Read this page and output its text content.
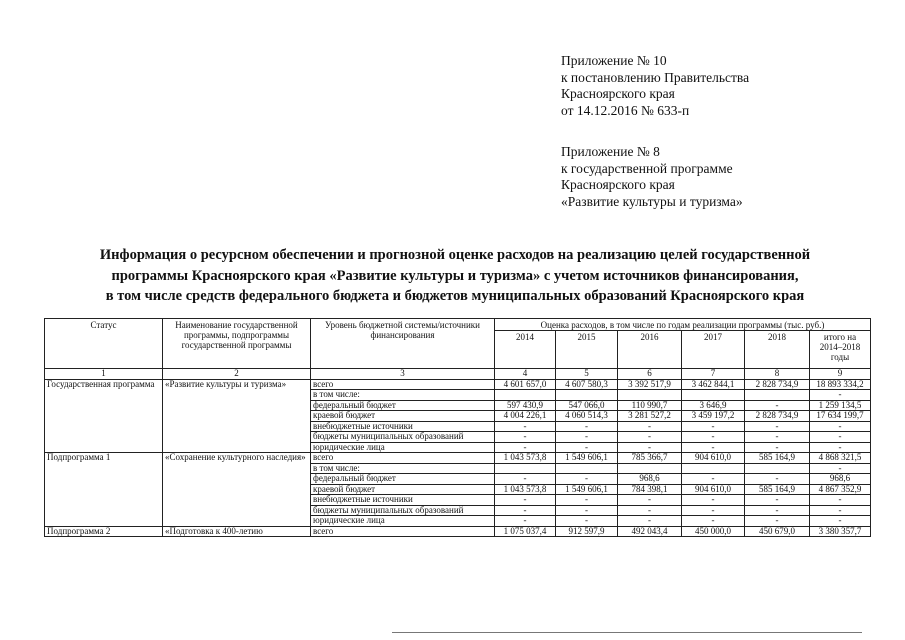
Приложение № 10
к постановлению Правительства
Красноярского края
от 14.12.2016 № 633-п
Приложение № 8
к государственной программе
Красноярского края
«Развитие культуры и туризма»
Информация о ресурсном обеспечении и прогнозной оценке расходов на реализацию целей государственной
программы Красноярского края «Развитие культуры и туризма» с учетом источников финансирования,
в том числе средств федерального бюджета и бюджетов муниципальных образований Красноярского края
Статус	Наименование государственной программы, подпрограммы государственной программы	Уровень бюджетной системы/источники финансирования	Оценка расходов, в том числе по годам реализации программы (тыс. руб.)					
			2014	2015	2016	2017	2018	итого на 2014–2018 годы
1	2	3	4	5	6	7	8	9
Государственная программа	«Развитие культуры и туризма»	всего	4 601 657,0	4 607 580,3	3 392 517,9	3 462 844,1	2 828 734,9	18 893 334,2
		в том числе:						-
		федеральный бюджет	597 430,9	547 066,0	110 990,7	3 646,9	-	1 259 134,5
		краевой бюджет	4 004 226,1	4 060 514,3	3 281 527,2	3 459 197,2	2 828 734,9	17 634 199,7
		внебюджетные источники	-	-	-	-	-	-
		бюджеты муниципальных образований	-	-	-	-	-	-
		юридические лица	-	-	-	-	-	-
Подпрограмма 1	«Сохранение культурного наследия»	всего	1 043 573,8	1 549 606,1	785 366,7	904 610,0	585 164,9	4 868 321,5
		в том числе:						-
		федеральный бюджет	-	-	968,6	-	-	968,6
		краевой бюджет	1 043 573,8	1 549 606,1	784 398,1	904 610,0	585 164,9	4 867 352,9
		внебюджетные источники	-	-	-	-	-	-
		бюджеты муниципальных образований	-	-	-	-	-	-
		юридические лица	-	-	-	-	-	-
Подпрограмма 2	«Подготовка к 400-летию	всего	1 075 037,4	912 597,9	492 043,4	450 000,0	450 679,0	3 380 357,7
